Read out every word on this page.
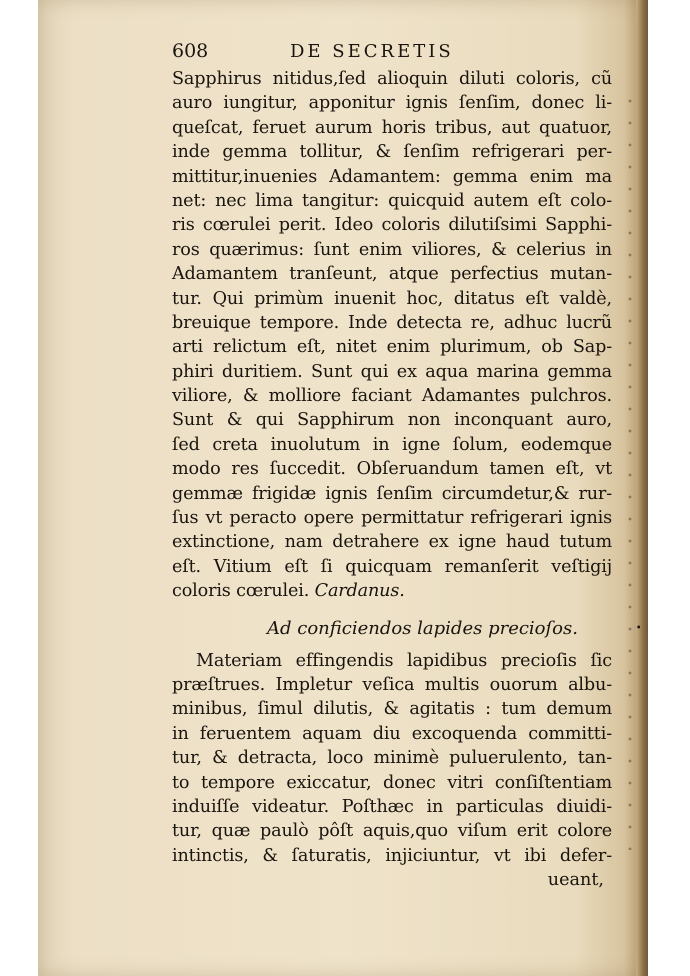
608	DE SECRETIS
Sapphirus nitidus,ſed alioquin diluti coloris, cũ
auro iungitur, apponitur ignis ſenſim, donec li-
queſcat, feruet aurum horis tribus, aut quatuor,
inde gemma tollitur, & ſenſim refrigerari per-
mittitur,inuenies Adamantem: gemma enim ma
net: nec lima tangitur: quicquid autem eſt colo-
ris cœrulei perit. Ideo coloris dilutiſsimi Sapphi-
ros quærimus: ſunt enim viliores, & celerius in
Adamantem tranſeunt, atque perfectius mutan-
tur. Qui primùm inuenit hoc, ditatus eſt valdè,
breuique tempore. Inde detecta re, adhuc lucrũ
arti relictum eſt, nitet enim plurimum, ob Sap-
phiri duritiem. Sunt qui ex aqua marina gemma
viliore, & molliore faciant Adamantes pulchros.
Sunt & qui Sapphirum non inconquant auro,
ſed creta inuolutum in igne ſolum, eodemque
modo res ſuccedit. Obſeruandum tamen eſt, vt
gemmæ frigidæ ignis ſenſim circumdetur,& rur-
ſus vt peracto opere permittatur refrigerari ignis
extinctione, nam detrahere ex igne haud tutum
eſt. Vitium eſt ſi quicquam remanſerit veſtigij
coloris cœrulei. Cardanus.
Ad conficiendos lapides precioſos.	•
Materiam effingendis lapidibus precioſis ſic
præſtrues. Impletur veſica multis ouorum albu-
minibus, ſimul dilutis, & agitatis : tum demum
in feruentem aquam diu excoquenda committi-
tur, & detracta, loco minimè puluerulento, tan-
to tempore exiccatur, donec vitri conſiſtentiam
induiſſe videatur. Poſthæc in particulas diuidi-
tur, quæ paulò pôſt aquis,quo viſum erit colore
intinctis, & ſaturatis, injiciuntur, vt ibi defer-
ueant,
